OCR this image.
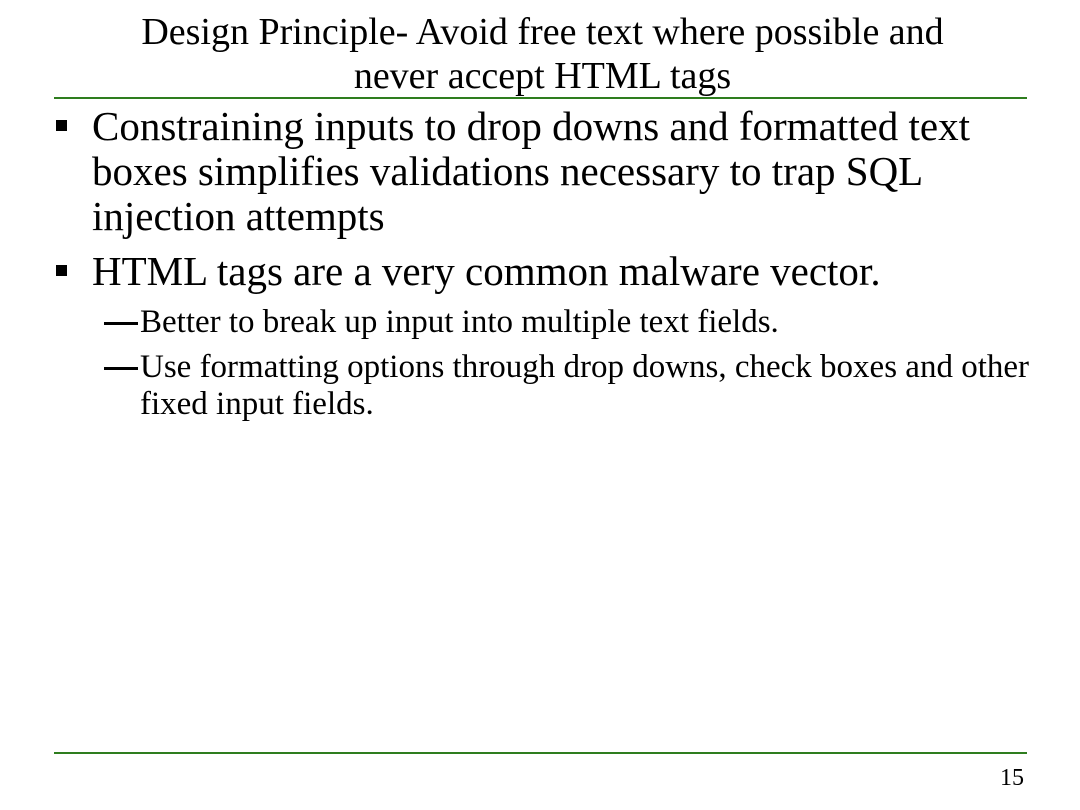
Design Principle- Avoid free text where possible and
never accept HTML tags
Constraining inputs to drop downs and formatted text boxes simplifies validations necessary to trap SQL injection attempts
HTML tags are a very common malware vector.
Better to break up input into multiple text fields.
Use formatting options through drop downs, check boxes and other fixed input fields.
15
